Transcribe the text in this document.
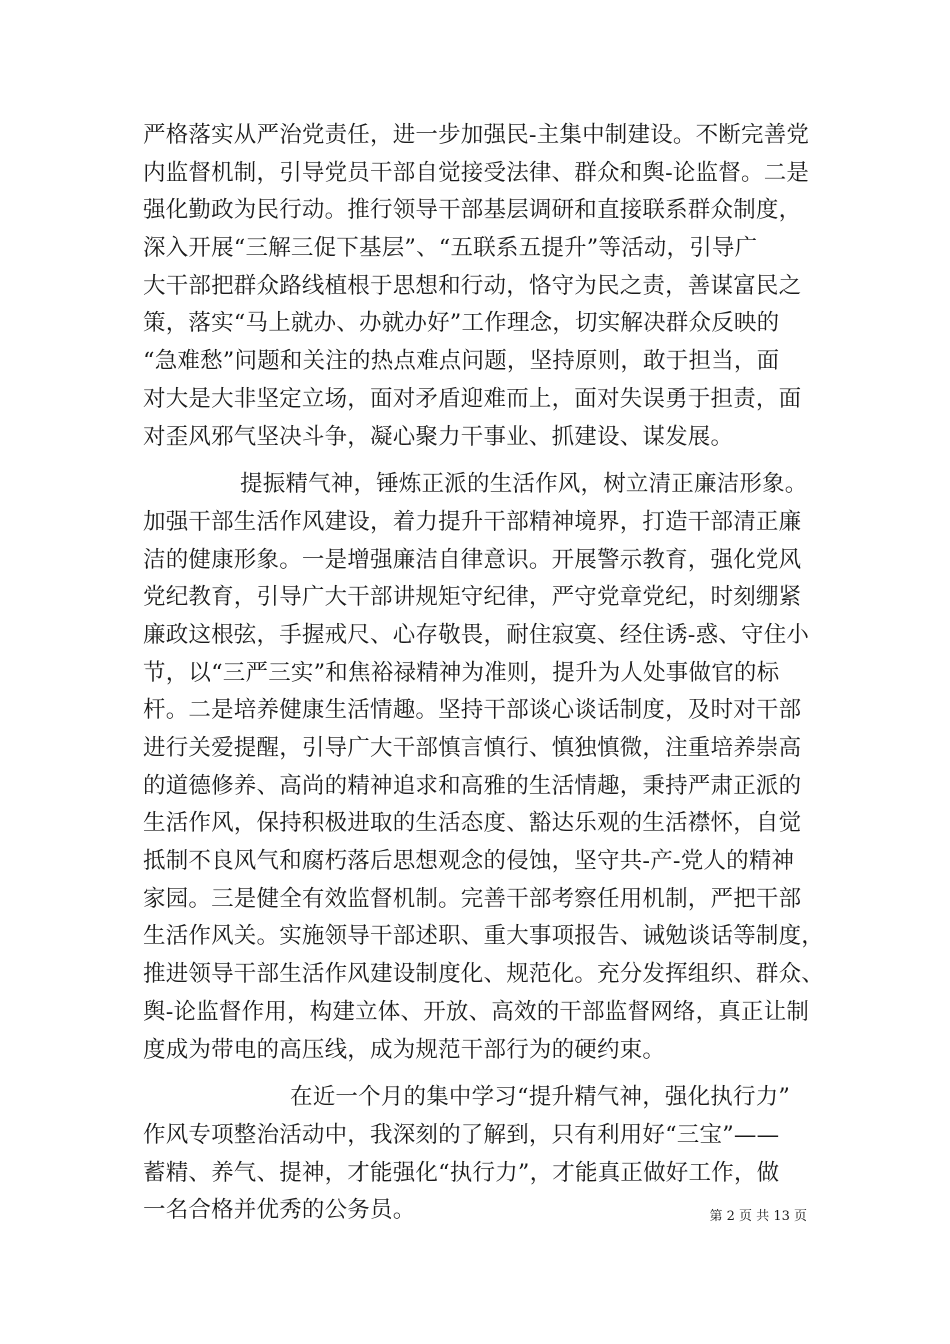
严格落实从严治党责任，进一步加强民-主集中制建设。不断完善党
内监督机制，引导党员干部自觉接受法律、群众和舆-论监督。二是
强化勤政为民行动。推行领导干部基层调研和直接联系群众制度，
深入开展“三解三促下基层”、“五联系五提升”等活动，引导广
大干部把群众路线植根于思想和行动，恪守为民之责，善谋富民之
策，落实“马上就办、办就办好”工作理念，切实解决群众反映的
“急难愁”问题和关注的热点难点问题，坚持原则，敢于担当，面
对大是大非坚定立场，面对矛盾迎难而上，面对失误勇于担责，面
对歪风邪气坚决斗争，凝心聚力干事业、抓建设、谋发展。
提振精气神，锤炼正派的生活作风，树立清正廉洁形象。
加强干部生活作风建设，着力提升干部精神境界，打造干部清正廉
洁的健康形象。一是增强廉洁自律意识。开展警示教育，强化党风
党纪教育，引导广大干部讲规矩守纪律，严守党章党纪，时刻绷紧
廉政这根弦，手握戒尺、心存敬畏，耐住寂寞、经住诱-惑、守住小
节，以“三严三实”和焦裕禄精神为准则，提升为人处事做官的标
杆。二是培养健康生活情趣。坚持干部谈心谈话制度，及时对干部
进行关爱提醒，引导广大干部慎言慎行、慎独慎微，注重培养崇高
的道德修养、高尚的精神追求和高雅的生活情趣，秉持严肃正派的
生活作风，保持积极进取的生活态度、豁达乐观的生活襟怀，自觉
抵制不良风气和腐朽落后思想观念的侵蚀，坚守共-产-党人的精神
家园。三是健全有效监督机制。完善干部考察任用机制，严把干部
生活作风关。实施领导干部述职、重大事项报告、诫勉谈话等制度，
推进领导干部生活作风建设制度化、规范化。充分发挥组织、群众、
舆-论监督作用，构建立体、开放、高效的干部监督网络，真正让制
度成为带电的高压线，成为规范干部行为的硬约束。
在近一个月的集中学习“提升精气神，强化执行力”
作风专项整治活动中，我深刻的了解到，只有利用好“三宝”——
蓄精、养气、提神，才能强化“执行力”，才能真正做好工作，做
一名合格并优秀的公务员。	第 2 页 共 13 页
